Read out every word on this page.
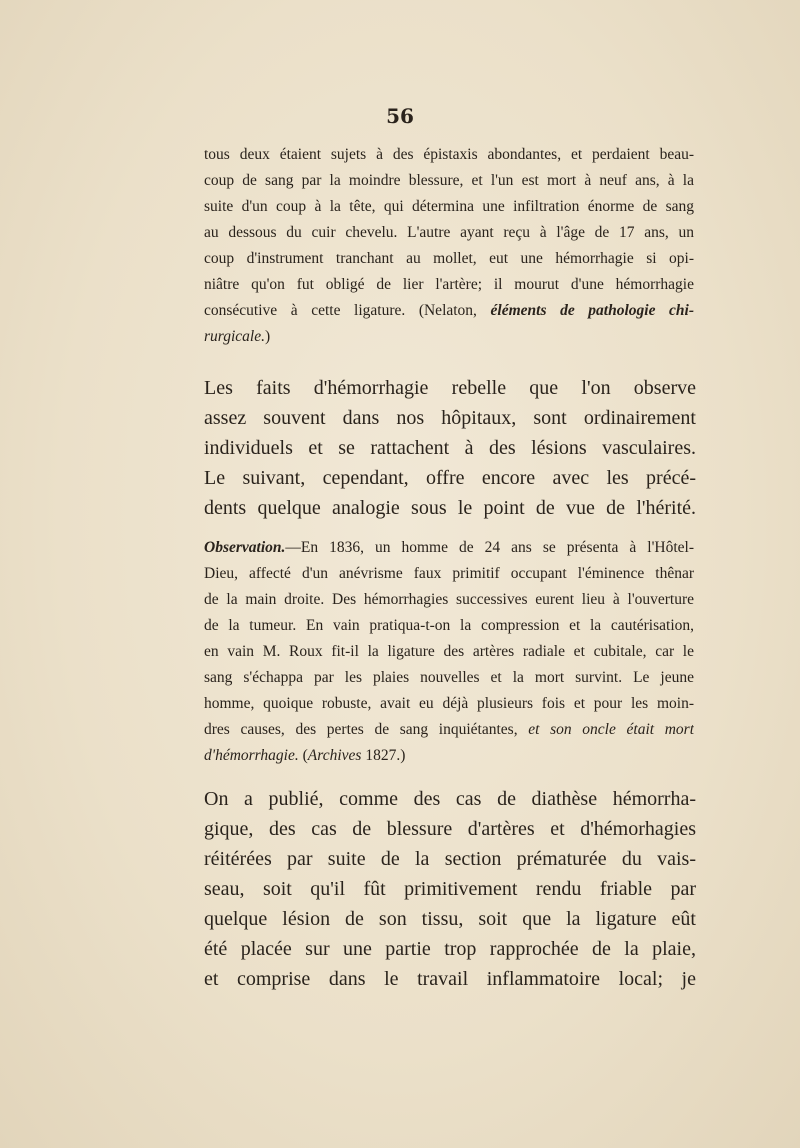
56
tous deux étaient sujets à des épistaxis abondantes, et perdaient beau-
coup de sang par la moindre blessure, et l'un est mort à neuf ans, à la
suite d'un coup à la tête, qui détermina une infiltration énorme de sang
au dessous du cuir chevelu. L'autre ayant reçu à l'âge de 17 ans, un
coup d'instrument tranchant au mollet, eut une hémorrhagie si opi-
niâtre qu'on fut obligé de lier l'artère; il mourut d'une hémorrhagie
consécutive à cette ligature. (Nelaton, éléments de pathologie chi-
rurgicale.)
Les faits d'hémorrhagie rebelle que l'on observe
assez souvent dans nos hôpitaux, sont ordinairement
individuels et se rattachent à des lésions vasculaires.
Le suivant, cependant, offre encore avec les précé-
dents quelque analogie sous le point de vue de l'hérité.
Observation.—En 1836, un homme de 24 ans se présenta à l'Hôtel-
Dieu, affecté d'un anévrisme faux primitif occupant l'éminence thênar
de la main droite. Des hémorrhagies successives eurent lieu à l'ouverture
de la tumeur. En vain pratiqua-t-on la compression et la cautérisation,
en vain M. Roux fit-il la ligature des artères radiale et cubitale, car le
sang s'échappa par les plaies nouvelles et la mort survint. Le jeune
homme, quoique robuste, avait eu déjà plusieurs fois et pour les moin-
dres causes, des pertes de sang inquiétantes, et son oncle était mort
d'hémorrhagie. (Archives 1827.)
On a publié, comme des cas de diathèse hémorrha-
gique, des cas de blessure d'artères et d'hémorhagies
réitérées par suite de la section prématurée du vais-
seau, soit qu'il fût primitivement rendu friable par
quelque lésion de son tissu, soit que la ligature eût
été placée sur une partie trop rapprochée de la plaie,
et comprise dans le travail inflammatoire local; je
